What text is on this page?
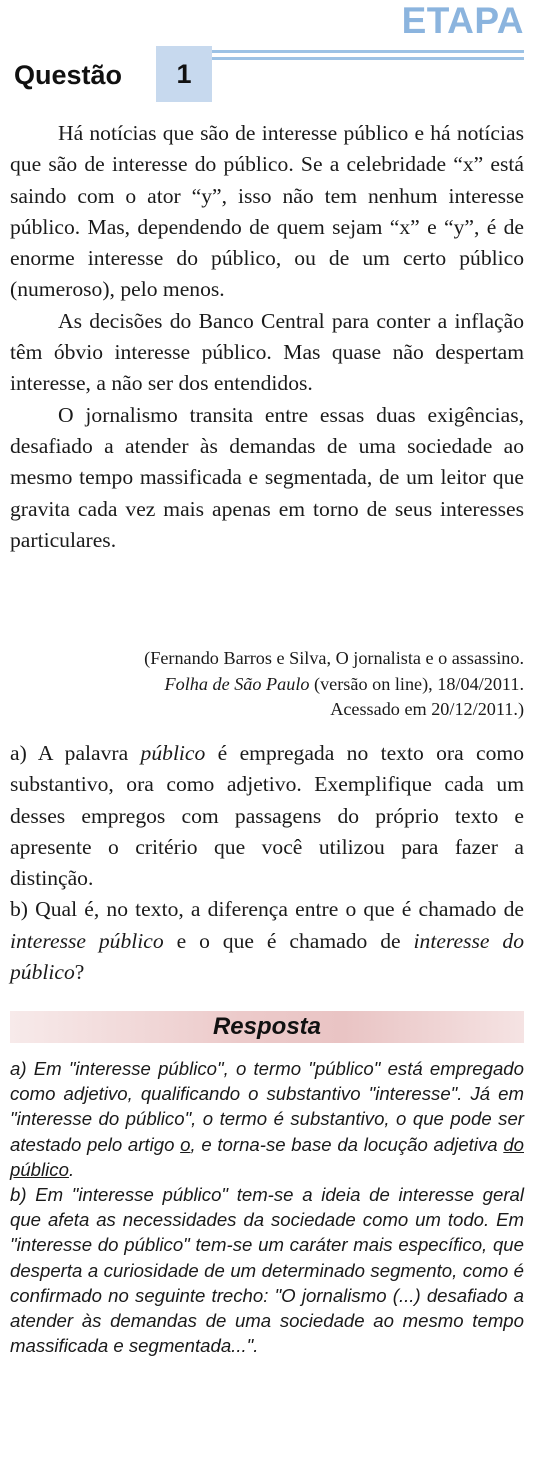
ETAPA
Questão 1

Há notícias que são de interesse público e há notícias que são de interesse do público. Se a celebridade “x” está saindo com o ator “y”, isso não tem nenhum interesse público. Mas, dependendo de quem sejam “x” e “y”, é de enorme interesse do público, ou de um certo público (numeroso), pelo menos.

As decisões do Banco Central para conter a inflação têm óbvio interesse público. Mas quase não despertam interesse, a não ser dos entendidos.

O jornalismo transita entre essas duas exigências, desafiado a atender às demandas de uma sociedade ao mesmo tempo massificada e segmentada, de um leitor que gravita cada vez mais apenas em torno de seus interesses particulares.

(Fernando Barros e Silva, O jornalista e o assassino.
Folha de São Paulo (versão on line), 18/04/2011.
Acessado em 20/12/2011.)

a) A palavra público é empregada no texto ora como substantivo, ora como adjetivo. Exemplifique cada um desses empregos com passagens do próprio texto e apresente o critério que você utilizou para fazer a distinção.

b) Qual é, no texto, a diferença entre o que é chamado de interesse público e o que é chamado de interesse do público?

Resposta

a) Em "interesse público", o termo "público" está empregado como adjetivo, qualificando o substantivo "interesse". Já em "interesse do público", o termo é substantivo, o que pode ser atestado pelo artigo o, e torna-se base da locução adjetiva do público.

b) Em "interesse público" tem-se a ideia de interesse geral que afeta as necessidades da sociedade como um todo. Em "interesse do público" tem-se um caráter mais específico, que desperta a curiosidade de um determinado segmento, como é confirmado no seguinte trecho: "O jornalismo (...) desafiado a atender às demandas de uma sociedade ao mesmo tempo massificada e segmentada...".
